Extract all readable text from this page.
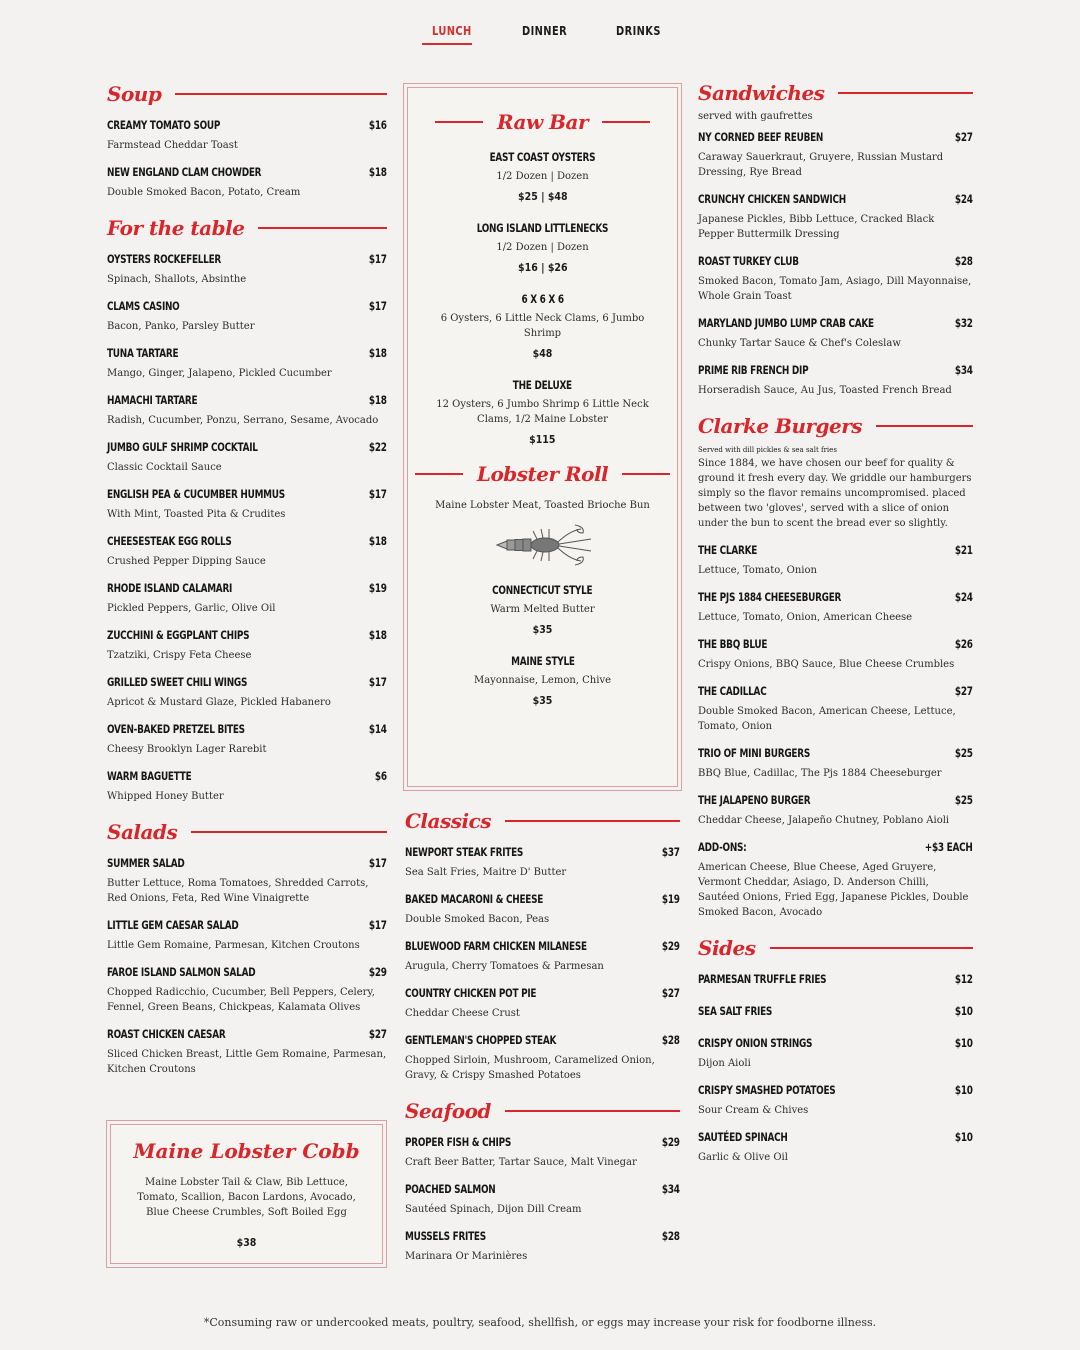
LUNCH	DINNER	DRINKS
Soup
CREAMY TOMATO SOUP	$16
Farmstead Cheddar Toast
NEW ENGLAND CLAM CHOWDER	$18
Double Smoked Bacon, Potato, Cream
For the table
OYSTERS ROCKEFELLER	$17
Spinach, Shallots, Absinthe
CLAMS CASINO	$17
Bacon, Panko, Parsley Butter
TUNA TARTARE	$18
Mango, Ginger, Jalapeno, Pickled Cucumber
HAMACHI TARTARE	$18
Radish, Cucumber, Ponzu, Serrano, Sesame, Avocado
JUMBO GULF SHRIMP COCKTAIL	$22
Classic Cocktail Sauce
ENGLISH PEA & CUCUMBER HUMMUS	$17
With Mint, Toasted Pita & Crudites
CHEESESTEAK EGG ROLLS	$18
Crushed Pepper Dipping Sauce
RHODE ISLAND CALAMARI	$19
Pickled Peppers, Garlic, Olive Oil
ZUCCHINI & EGGPLANT CHIPS	$18
Tzatziki, Crispy Feta Cheese
GRILLED SWEET CHILI WINGS	$17
Apricot & Mustard Glaze, Pickled Habanero
OVEN-BAKED PRETZEL BITES	$14
Cheesy Brooklyn Lager Rarebit
WARM BAGUETTE	$6
Whipped Honey Butter
Salads
SUMMER SALAD	$17
Butter Lettuce, Roma Tomatoes, Shredded Carrots, Red Onions, Feta, Red Wine Vinaigrette
LITTLE GEM CAESAR SALAD	$17
Little Gem Romaine, Parmesan, Kitchen Croutons
FAROE ISLAND SALMON SALAD	$29
Chopped Radicchio, Cucumber, Bell Peppers, Celery, Fennel, Green Beans, Chickpeas, Kalamata Olives
ROAST CHICKEN CAESAR	$27
Sliced Chicken Breast, Little Gem Romaine, Parmesan, Kitchen Croutons
Maine Lobster Cobb
Maine Lobster Tail & Claw, Bib Lettuce, Tomato, Scallion, Bacon Lardons, Avocado, Blue Cheese Crumbles, Soft Boiled Egg
$38
Raw Bar
EAST COAST OYSTERS
1/2 Dozen | Dozen
$25 | $48
LONG ISLAND LITTLENECKS
1/2 Dozen | Dozen
$16 | $26
6 X 6 X 6
6 Oysters, 6 Little Neck Clams, 6 Jumbo Shrimp
$48
THE DELUXE
12 Oysters, 6 Jumbo Shrimp 6 Little Neck Clams, 1/2 Maine Lobster
$115
Lobster Roll
Maine Lobster Meat, Toasted Brioche Bun
CONNECTICUT STYLE
Warm Melted Butter
$35
MAINE STYLE
Mayonnaise, Lemon, Chive
$35
Classics
NEWPORT STEAK FRITES	$37
Sea Salt Fries, Maitre D' Butter
BAKED MACARONI & CHEESE	$19
Double Smoked Bacon, Peas
BLUEWOOD FARM CHICKEN MILANESE	$29
Arugula, Cherry Tomatoes & Parmesan
COUNTRY CHICKEN POT PIE	$27
Cheddar Cheese Crust
GENTLEMAN'S CHOPPED STEAK	$28
Chopped Sirloin, Mushroom, Caramelized Onion, Gravy, & Crispy Smashed Potatoes
Seafood
PROPER FISH & CHIPS	$29
Craft Beer Batter, Tartar Sauce, Malt Vinegar
POACHED SALMON	$34
Sautéed Spinach, Dijon Dill Cream
MUSSELS FRITES	$28
Marinara Or Marinières
Sandwiches
served with gaufrettes
NY CORNED BEEF REUBEN	$27
Caraway Sauerkraut, Gruyere, Russian Mustard Dressing, Rye Bread
CRUNCHY CHICKEN SANDWICH	$24
Japanese Pickles, Bibb Lettuce, Cracked Black Pepper Buttermilk Dressing
ROAST TURKEY CLUB	$28
Smoked Bacon, Tomato Jam, Asiago, Dill Mayonnaise, Whole Grain Toast
MARYLAND JUMBO LUMP CRAB CAKE	$32
Chunky Tartar Sauce & Chef's Coleslaw
PRIME RIB FRENCH DIP	$34
Horseradish Sauce, Au Jus, Toasted French Bread
Clarke Burgers
Served with dill pickles & sea salt fries
Since 1884, we have chosen our beef for quality & ground it fresh every day. We griddle our hamburgers simply so the flavor remains uncompromised. placed between two 'gloves', served with a slice of onion under the bun to scent the bread ever so slightly.
THE CLARKE	$21
Lettuce, Tomato, Onion
THE PJS 1884 CHEESEBURGER	$24
Lettuce, Tomato, Onion, American Cheese
THE BBQ BLUE	$26
Crispy Onions, BBQ Sauce, Blue Cheese Crumbles
THE CADILLAC	$27
Double Smoked Bacon, American Cheese, Lettuce, Tomato, Onion
TRIO OF MINI BURGERS	$25
BBQ Blue, Cadillac, The Pjs 1884 Cheeseburger
THE JALAPENO BURGER	$25
Cheddar Cheese, Jalapeño Chutney, Poblano Aioli
ADD-ONS:	+$3 EACH
American Cheese, Blue Cheese, Aged Gruyere, Vermont Cheddar, Asiago, D. Anderson Chilli, Sautéed Onions, Fried Egg, Japanese Pickles, Double Smoked Bacon, Avocado
Sides
PARMESAN TRUFFLE FRIES	$12
SEA SALT FRIES	$10
CRISPY ONION STRINGS	$10
Dijon Aioli
CRISPY SMASHED POTATOES	$10
Sour Cream & Chives
SAUTÉED SPINACH	$10
Garlic & Olive Oil
*Consuming raw or undercooked meats, poultry, seafood, shellfish, or eggs may increase your risk for foodborne illness.
